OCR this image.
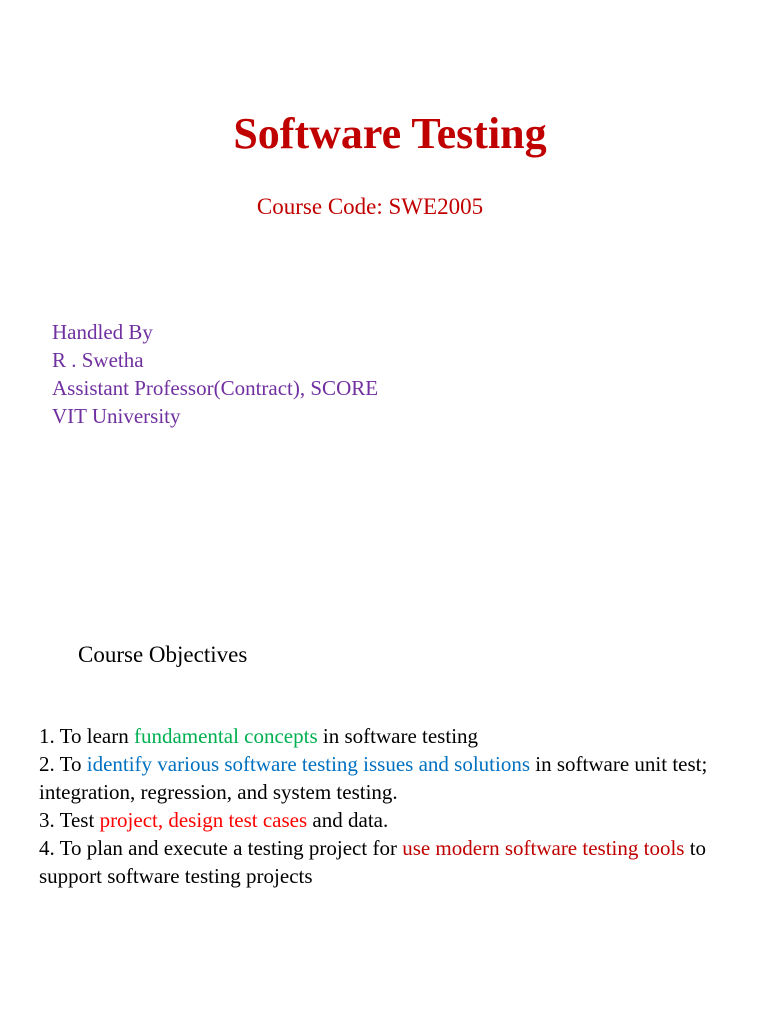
Software Testing
Course Code: SWE2005
Handled By
R . Swetha
Assistant Professor(Contract), SCORE
VIT University
Course Objectives
1. To learn fundamental concepts in software testing
2. To identify various software testing issues and solutions in software unit test; integration, regression, and system testing.
3. Test project, design test cases and data.
4. To plan and execute a testing project for use modern software testing tools to support software testing projects
